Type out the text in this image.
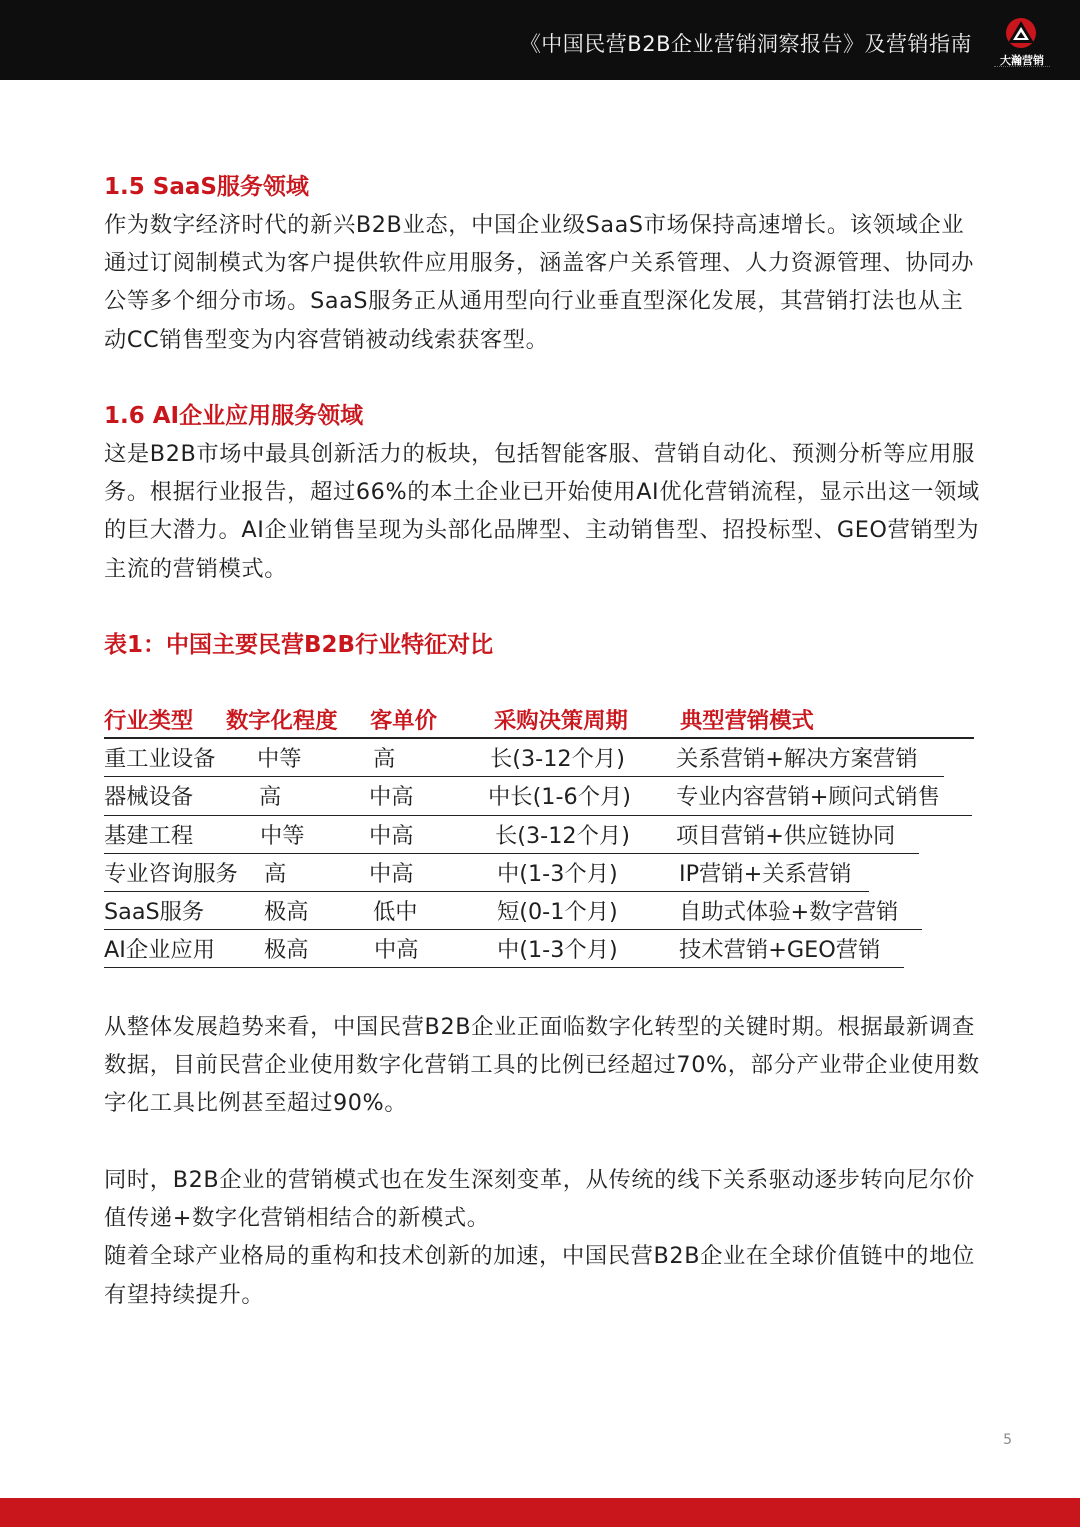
《中国民营B2B企业营销洞察报告》及营销指南
大瀚营销
1.5 SaaS服务领域

作为数字经济时代的新兴B2B业态，中国企业级SaaS市场保持高速增长。该领域企业通过订阅制模式为客户提供软件应用服务，涵盖客户关系管理、人力资源管理、协同办公等多个细分市场。SaaS服务正从通用型向行业垂直型深化发展，其营销打法也从主动CC销售型变为内容营销被动线索获客型。

1.6 AI企业应用服务领域

这是B2B市场中最具创新活力的板块，包括智能客服、营销自动化、预测分析等应用服务。根据行业报告，超过66%的本土企业已开始使用AI优化营销流程，显示出这一领域的巨大潜力。AI企业销售呈现为头部化品牌型、主动销售型、招投标型、GEO营销型为主流的营销模式。

表1：中国主要民营B2B行业特征对比
行业类型 数字化程度 客单价	采购决策周期 典型营销模式
重工业设备 中等	高	长(3-12个月) 关系营销+解决方案营销
器械设备	高	中高	中长(1-6个月) 专业内容营销+顾问式销售
基建工程	中等	中高	长(3-12个月) 项目营销+供应链协同
专业咨询服务 高	中高	中(1-3个月)	IP营销+关系营销
SaaS服务	极高	低中	短(0-1个月)	自助式体验+数字营销
AI企业应用 极高	中高	中(1-3个月)	技术营销+GEO营销

从整体发展趋势来看，中国民营B2B企业正面临数字化转型的关键时期。根据最新调查数据，目前民营企业使用数字化营销工具的比例已经超过70%，部分产业带企业使用数字化工具比例甚至超过90%。

同时，B2B企业的营销模式也在发生深刻变革，从传统的线下关系驱动逐步转向尼尔价值传递+数字化营销相结合的新模式。

随着全球产业格局的重构和技术创新的加速，中国民营B2B企业在全球价值链中的地位有望持续提升。

5
